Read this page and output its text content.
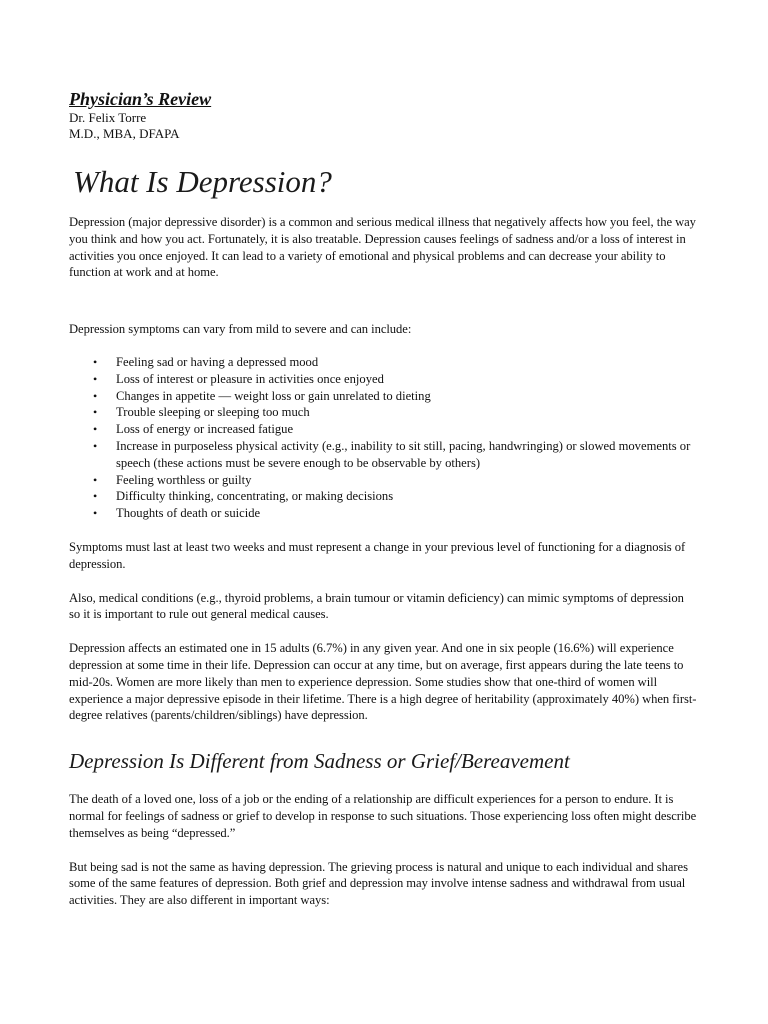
Physician’s Review

Dr. Felix Torre

M.D., MBA, DFAPA

What Is Depression?

Depression (major depressive disorder) is a common and serious medical illness that negatively affects how you feel, the way you think and how you act. Fortunately, it is also treatable. Depression causes feelings of sadness and/or a loss of interest in activities you once enjoyed. It can lead to a variety of emotional and physical problems and can decrease your ability to function at work and at home.

Depression symptoms can vary from mild to severe and can include:

• Feeling sad or having a depressed mood
• Loss of interest or pleasure in activities once enjoyed
• Changes in appetite — weight loss or gain unrelated to dieting
• Trouble sleeping or sleeping too much
• Loss of energy or increased fatigue
• Increase in purposeless physical activity (e.g., inability to sit still, pacing, handwringing) or slowed movements or speech (these actions must be severe enough to be observable by others)
• Feeling worthless or guilty
• Difficulty thinking, concentrating, or making decisions
• Thoughts of death or suicide

Symptoms must last at least two weeks and must represent a change in your previous level of functioning for a diagnosis of depression.

Also, medical conditions (e.g., thyroid problems, a brain tumour or vitamin deficiency) can mimic symptoms of depression so it is important to rule out general medical causes.

Depression affects an estimated one in 15 adults (6.7%) in any given year. And one in six people (16.6%) will experience depression at some time in their life. Depression can occur at any time, but on average, first appears during the late teens to mid-20s. Women are more likely than men to experience depression. Some studies show that one-third of women will experience a major depressive episode in their lifetime. There is a high degree of heritability (approximately 40%) when first-degree relatives (parents/children/siblings) have depression.

Depression Is Different from Sadness or Grief/Bereavement

The death of a loved one, loss of a job or the ending of a relationship are difficult experiences for a person to endure. It is normal for feelings of sadness or grief to develop in response to such situations. Those experiencing loss often might describe themselves as being “depressed.”

But being sad is not the same as having depression. The grieving process is natural and unique to each individual and shares some of the same features of depression. Both grief and depression may involve intense sadness and withdrawal from usual activities. They are also different in important ways:
